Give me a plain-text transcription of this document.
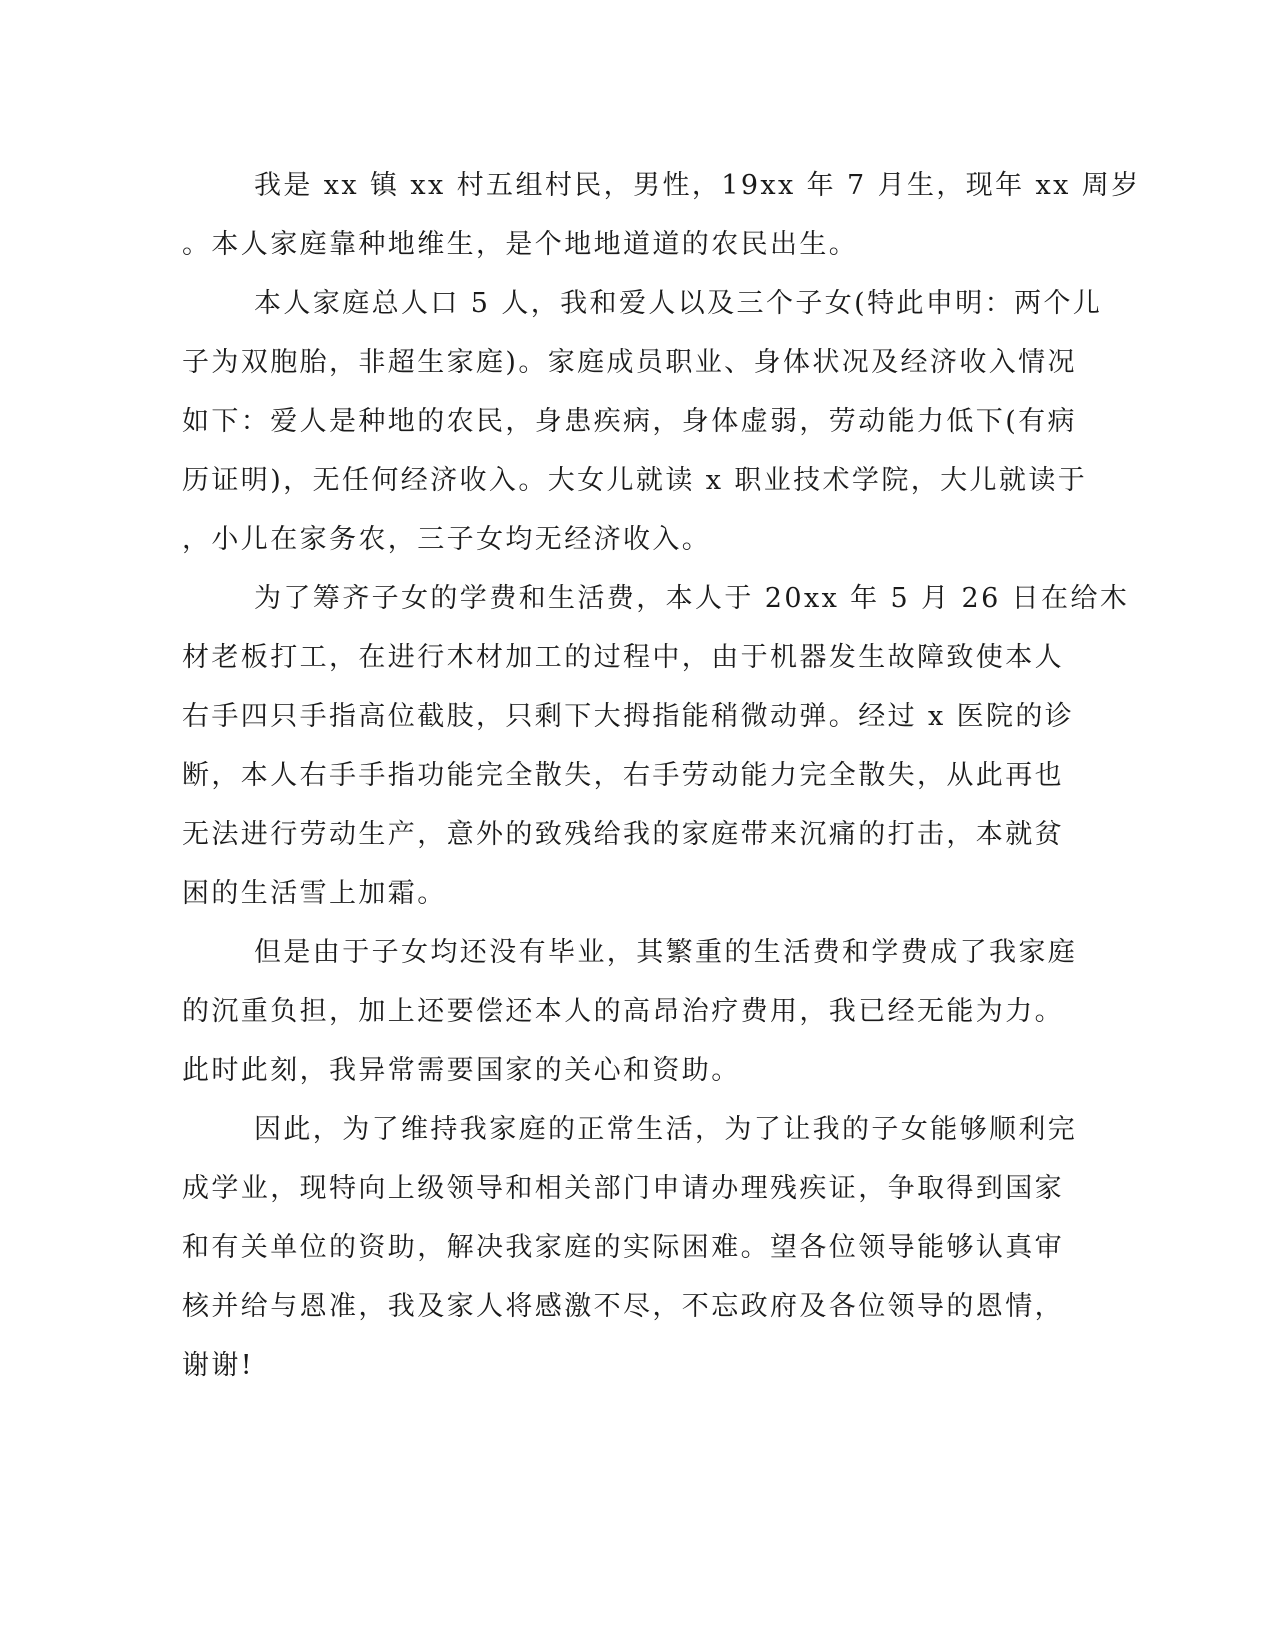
我是 xx 镇 xx 村五组村民，男性，19xx 年 7 月生，现年 xx 周岁
。本人家庭靠种地维生，是个地地道道的农民出生。
本人家庭总人口 5 人，我和爱人以及三个子女(特此申明：两个儿
子为双胞胎，非超生家庭)。家庭成员职业、身体状况及经济收入情况
如下：爱人是种地的农民，身患疾病，身体虚弱，劳动能力低下(有病
历证明)，无任何经济收入。大女儿就读 x 职业技术学院，大儿就读于
，小儿在家务农，三子女均无经济收入。
为了筹齐子女的学费和生活费，本人于 20xx 年 5 月 26 日在给木
材老板打工，在进行木材加工的过程中，由于机器发生故障致使本人
右手四只手指高位截肢，只剩下大拇指能稍微动弹。经过 x 医院的诊
断，本人右手手指功能完全散失，右手劳动能力完全散失，从此再也
无法进行劳动生产，意外的致残给我的家庭带来沉痛的打击，本就贫
困的生活雪上加霜。
但是由于子女均还没有毕业，其繁重的生活费和学费成了我家庭
的沉重负担，加上还要偿还本人的高昂治疗费用，我已经无能为力。
此时此刻，我异常需要国家的关心和资助。
因此，为了维持我家庭的正常生活，为了让我的子女能够顺利完
成学业，现特向上级领导和相关部门申请办理残疾证，争取得到国家
和有关单位的资助，解决我家庭的实际困难。望各位领导能够认真审
核并给与恩准，我及家人将感激不尽，不忘政府及各位领导的恩情，
谢谢!
